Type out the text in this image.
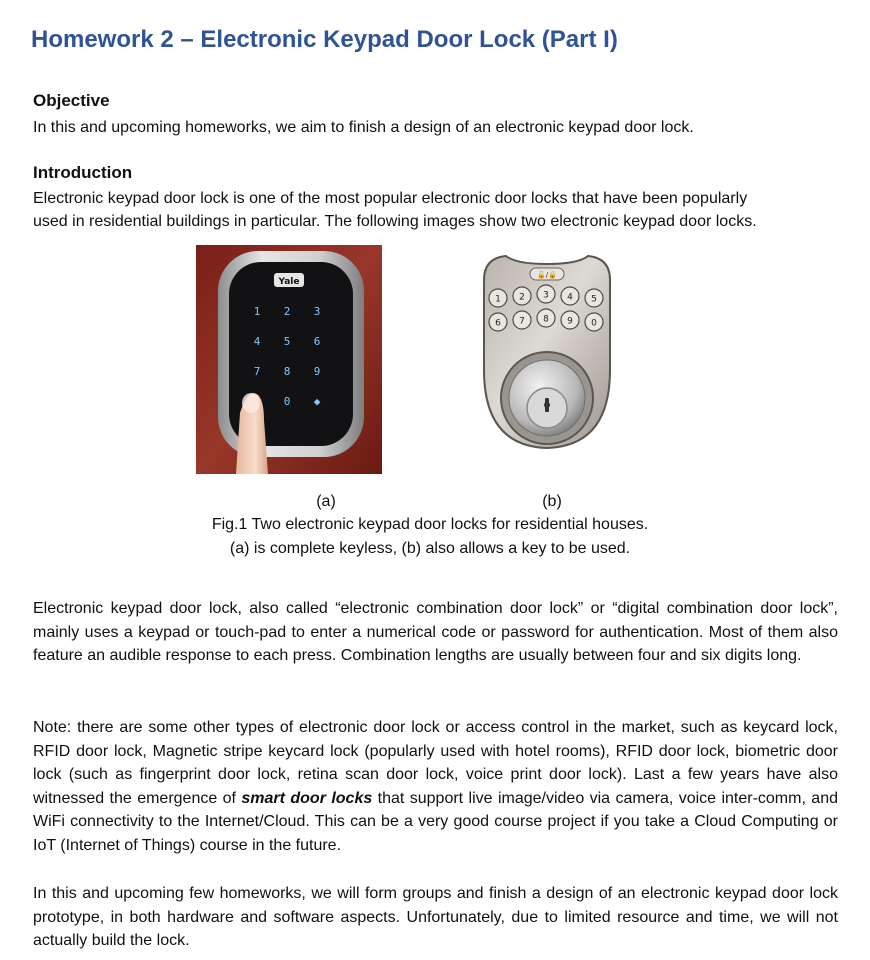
Homework 2 – Electronic Keypad Door Lock (Part I)
Objective

In this and upcoming homeworks, we aim to finish a design of an electronic keypad door lock.

Introduction

Electronic keypad door lock is one of the most popular electronic door locks that have been popularly

used in residential buildings in particular. The following images show two electronic keypad door locks.

Yale
1 2 3
4 5 6
7 8 9
0 ◆
🔓/🔒
1 2 3 4 5
6 7 8 9 0
(a)	(b)
Fig.1 Two electronic keypad door locks for residential houses.
(a) is complete keyless, (b) also allows a key to be used.

Electronic keypad door lock, also called “electronic combination door lock” or “digital combination door lock”, mainly uses a keypad or touch-pad to enter a numerical code or password for authentication. Most of them also feature an audible response to each press. Combination lengths are usually between four and six digits long.

Note: there are some other types of electronic door lock or access control in the market, such as keycard lock, RFID door lock, Magnetic stripe keycard lock (popularly used with hotel rooms), RFID door lock, biometric door lock (such as fingerprint door lock, retina scan door lock, voice print door lock). Last a few years have also witnessed the emergence of smart door locks that support live image/video via camera, voice inter-comm, and WiFi connectivity to the Internet/Cloud. This can be a very good course project if you take a Cloud Computing or IoT (Internet of Things) course in the future.

In this and upcoming few homeworks, we will form groups and finish a design of an electronic keypad door lock prototype, in both hardware and software aspects. Unfortunately, due to limited resource and time, we will not actually build the lock.
